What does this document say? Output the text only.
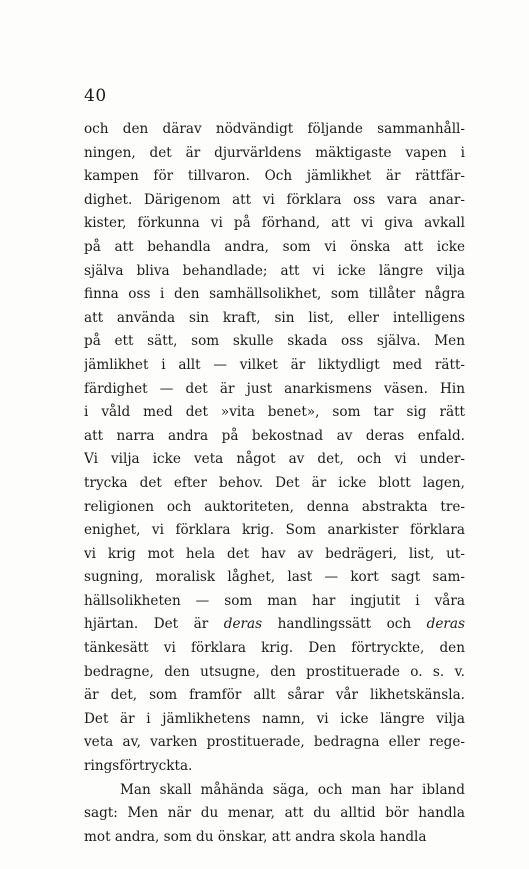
40
och den därav nödvändigt följande sammanhåll-
ningen, det är djurvärldens mäktigaste vapen i
kampen för tillvaron. Och jämlikhet är rättfär-
dighet. Därigenom att vi förklara oss vara anar-
kister, förkunna vi på förhand, att vi giva avkall
på att behandla andra, som vi önska att icke
själva bliva behandlade; att vi icke längre vilja
finna oss i den samhällsolikhet, som tillåter några
att använda sin kraft, sin list, eller intelligens
på ett sätt, som skulle skada oss själva. Men
jämlikhet i allt — vilket är liktydligt med rätt-
färdighet — det är just anarkismens väsen. Hin
i våld med det »vita benet», som tar sig rätt
att narra andra på bekostnad av deras enfald.
Vi vilja icke veta något av det, och vi under-
trycka det efter behov. Det är icke blott lagen,
religionen och auktoriteten, denna abstrakta tre-
enighet, vi förklara krig. Som anarkister förklara
vi krig mot hela det hav av bedrägeri, list, ut-
sugning, moralisk låghet, last — kort sagt sam-
hällsolikheten — som man har ingjutit i våra
hjärtan. Det är deras handlingssätt och deras
tänkesätt vi förklara krig. Den förtryckte, den
bedragne, den utsugne, den prostituerade o. s. v.
är det, som framför allt sårar vår likhetskänsla.
Det är i jämlikhetens namn, vi icke längre vilja
veta av, varken prostituerade, bedragna eller rege-
ringsförtryckta.
Man skall måhända säga, och man har ibland
sagt: Men när du menar, att du alltid bör handla
mot andra, som du önskar, att andra skola handla
